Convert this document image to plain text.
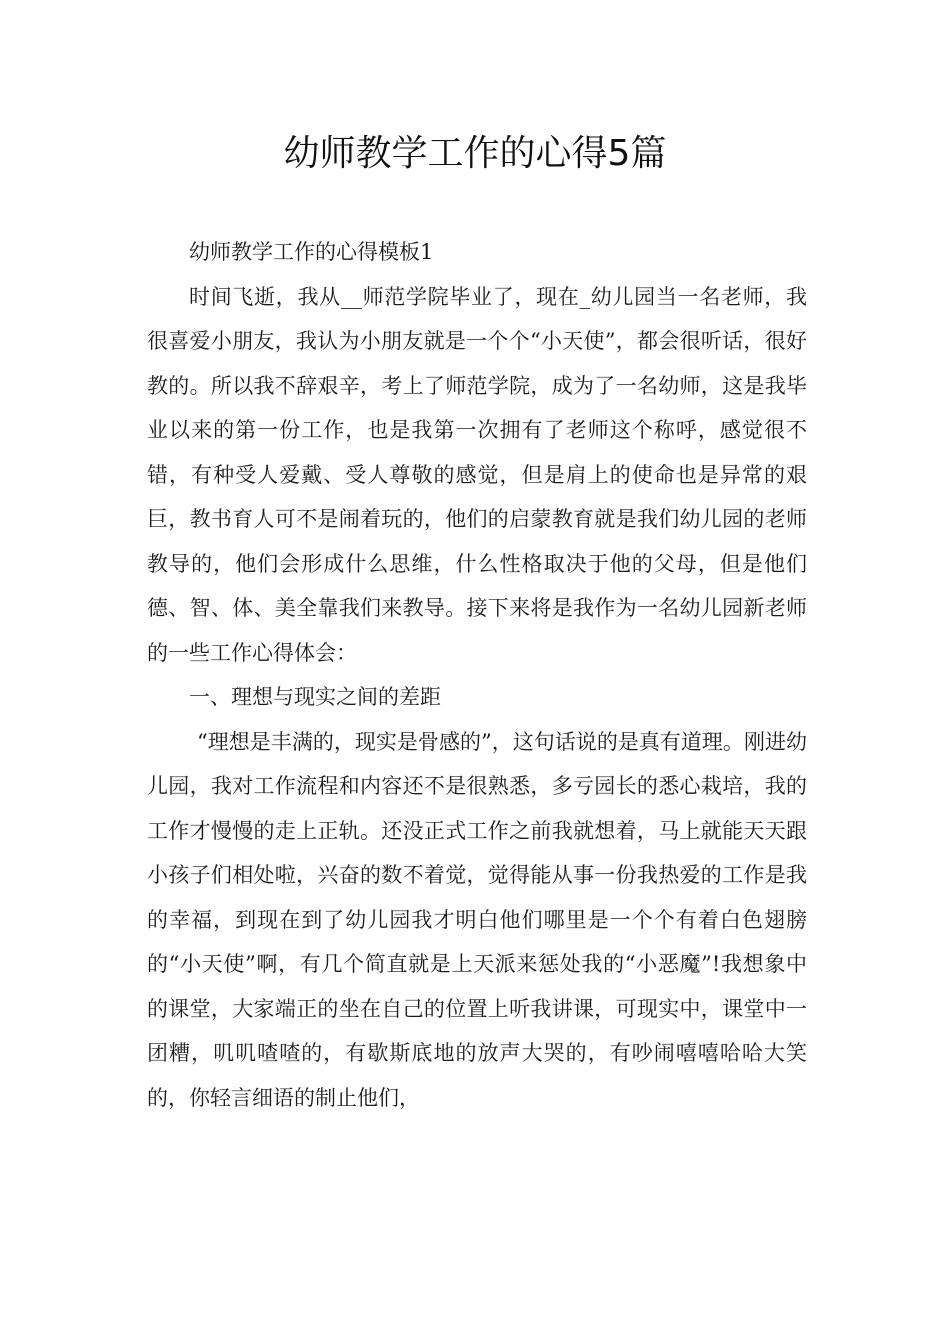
幼师教学工作的心得5篇

幼师教学工作的心得模板1

时间飞逝，我从__师范学院毕业了，现在_幼儿园当一名老师，我很喜爱小朋友，我认为小朋友就是一个个“小天使”，都会很听话，很好教的。所以我不辞艰辛，考上了师范学院，成为了一名幼师，这是我毕业以来的第一份工作，也是我第一次拥有了老师这个称呼，感觉很不错，有种受人爱戴、受人尊敬的感觉，但是肩上的使命也是异常的艰巨，教书育人可不是闹着玩的，他们的启蒙教育就是我们幼儿园的老师教导的，他们会形成什么思维，什么性格取决于他的父母，但是他们德、智、体、美全靠我们来教导。接下来将是我作为一名幼儿园新老师的一些工作心得体会：

一、理想与现实之间的差距

“理想是丰满的，现实是骨感的”，这句话说的是真有道理。刚进幼儿园，我对工作流程和内容还不是很熟悉，多亏园长的悉心栽培，我的工作才慢慢的走上正轨。还没正式工作之前我就想着，马上就能天天跟小孩子们相处啦，兴奋的数不着觉，觉得能从事一份我热爱的工作是我的幸福，到现在到了幼儿园我才明白他们哪里是一个个有着白色翅膀的“小天使”啊，有几个简直就是上天派来惩处我的“小恶魔”!我想象中的课堂，大家端正的坐在自己的位置上听我讲课，可现实中，课堂中一团糟，叽叽喳喳的，有歇斯底地的放声大哭的，有吵闹嘻嘻哈哈大笑的，你轻言细语的制止他们，
